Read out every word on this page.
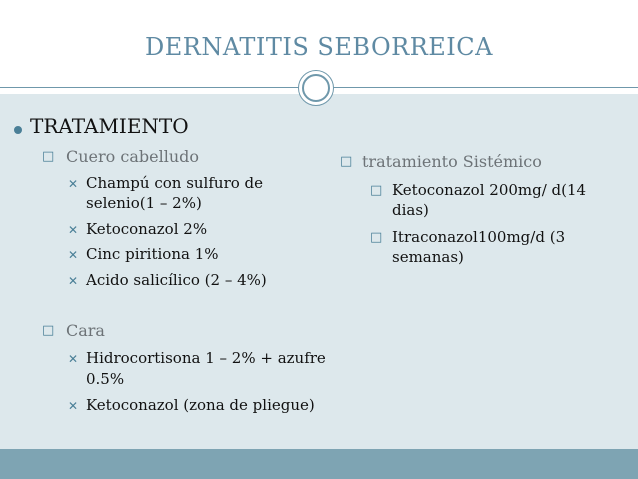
DERNATITIS SEBORREICA
TRATAMIENTO
□ Cuero cabelludo
✕ Champú con sulfuro de
selenio(1 – 2%)
✕ Ketoconazol 2%
✕ Cinc piritiona 1%
✕ Acido salicílico (2 – 4%)
□ Cara
✕ Hidrocortisona 1 – 2% + azufre
0.5%
✕ Ketoconazol (zona de pliegue)
□ tratamiento Sistémico
□ Ketoconazol 200mg/ d(14
dias)
□ Itraconazol100mg/d (3
semanas)
